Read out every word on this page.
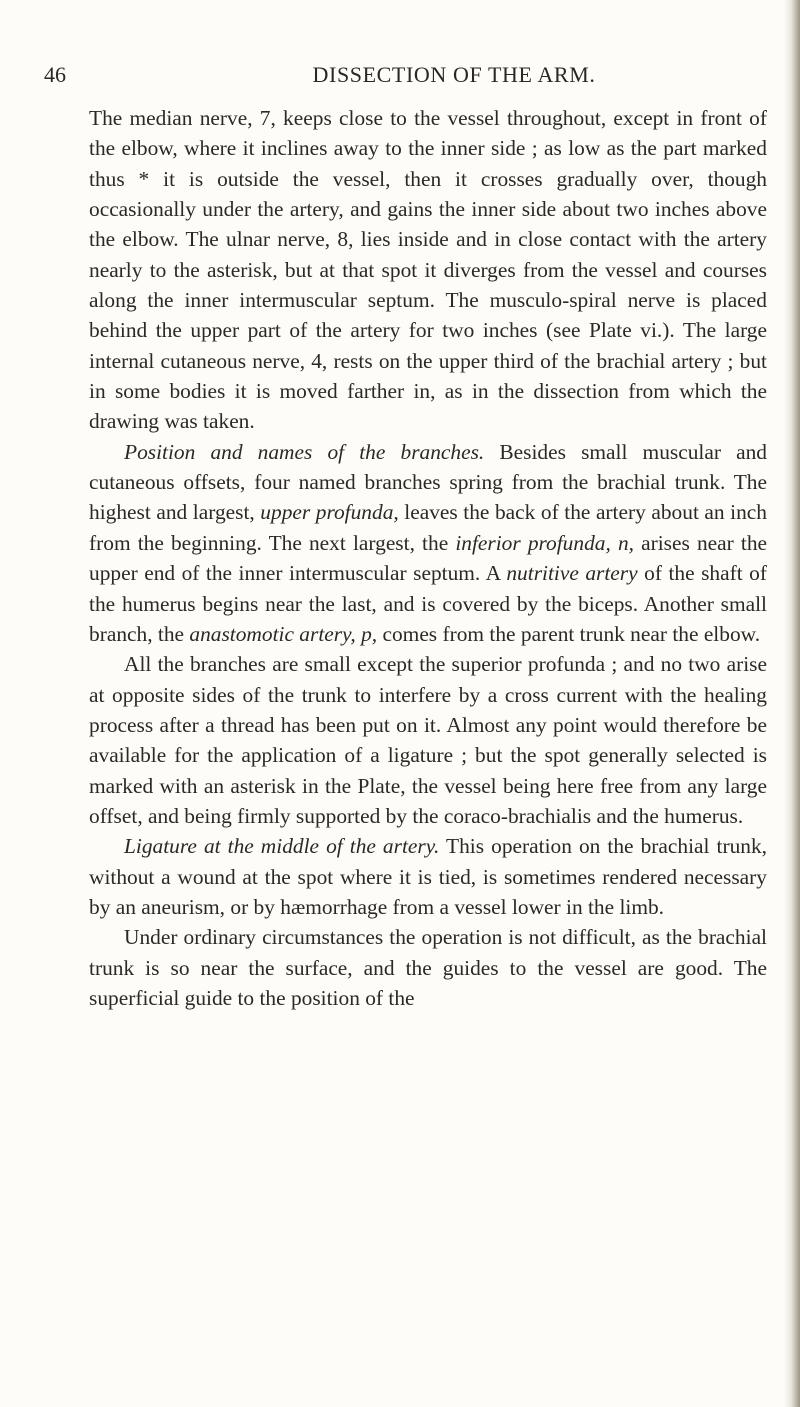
46	DISSECTION OF THE ARM.

The median nerve, 7, keeps close to the vessel throughout, except in front of the elbow, where it inclines away to the inner side ; as low as the part marked thus * it is outside the vessel, then it crosses gradually over, though occasionally under the artery, and gains the inner side about two inches above the elbow. The ulnar nerve, 8, lies inside and in close contact with the artery nearly to the asterisk, but at that spot it diverges from the vessel and courses along the inner intermuscular septum. The musculo-spiral nerve is placed behind the upper part of the artery for two inches (see Plate vi.). The large internal cutaneous nerve, 4, rests on the upper third of the brachial artery ; but in some bodies it is moved farther in, as in the dissection from which the drawing was taken.

Position and names of the branches. Besides small muscular and cutaneous offsets, four named branches spring from the brachial trunk. The highest and largest, upper profunda, leaves the back of the artery about an inch from the beginning. The next largest, the inferior profunda, n, arises near the upper end of the inner intermuscular septum. A nutritive artery of the shaft of the humerus begins near the last, and is covered by the biceps. Another small branch, the anastomotic artery, p, comes from the parent trunk near the elbow.

All the branches are small except the superior profunda ; and no two arise at opposite sides of the trunk to interfere by a cross current with the healing process after a thread has been put on it. Almost any point would therefore be available for the application of a ligature ; but the spot generally selected is marked with an asterisk in the Plate, the vessel being here free from any large offset, and being firmly supported by the coraco-brachialis and the humerus.

Ligature at the middle of the artery. This operation on the brachial trunk, without a wound at the spot where it is tied, is sometimes rendered necessary by an aneurism, or by hæmorrhage from a vessel lower in the limb.

Under ordinary circumstances the operation is not difficult, as the brachial trunk is so near the surface, and the guides to the vessel are good. The superficial guide to the position of the
